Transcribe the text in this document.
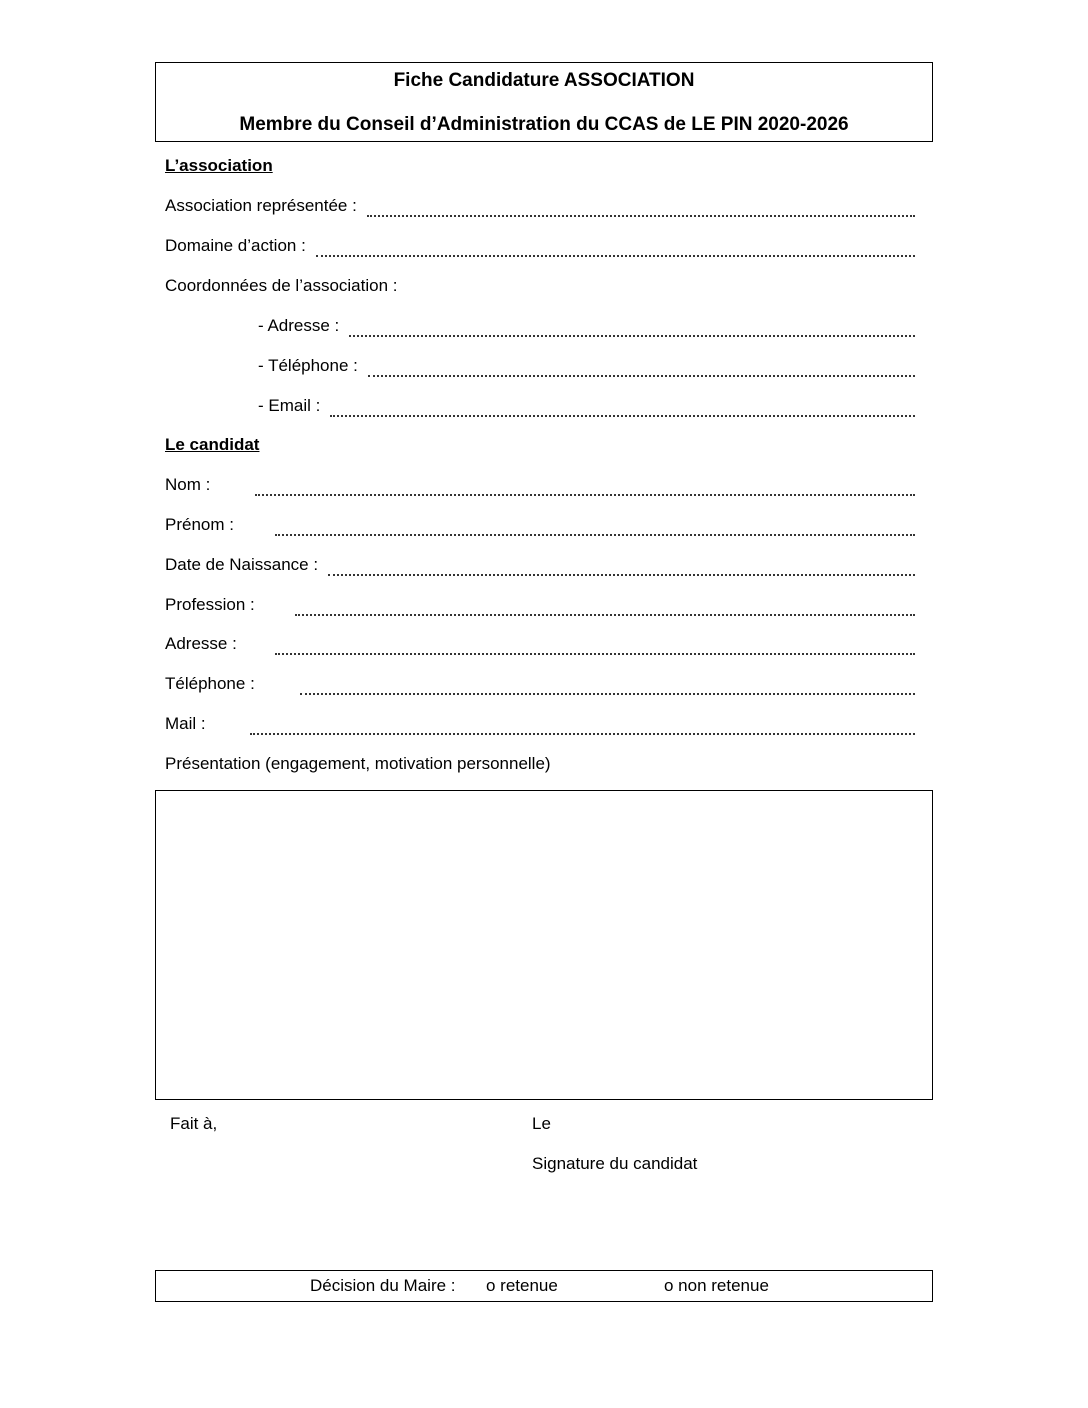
Fiche Candidature ASSOCIATION
Membre du Conseil d’Administration du CCAS de LE PIN 2020-2026
L’association
Association représentée :
Domaine d’action :
Coordonnées de l’association :
- Adresse :
- Téléphone :
- Email :
Le candidat
Nom :
Prénom :
Date de Naissance :
Profession :
Adresse :
Téléphone :
Mail :
Présentation (engagement, motivation personnelle)
Fait à,	Le
Signature du candidat
Décision du Maire : o retenue	o non retenue
